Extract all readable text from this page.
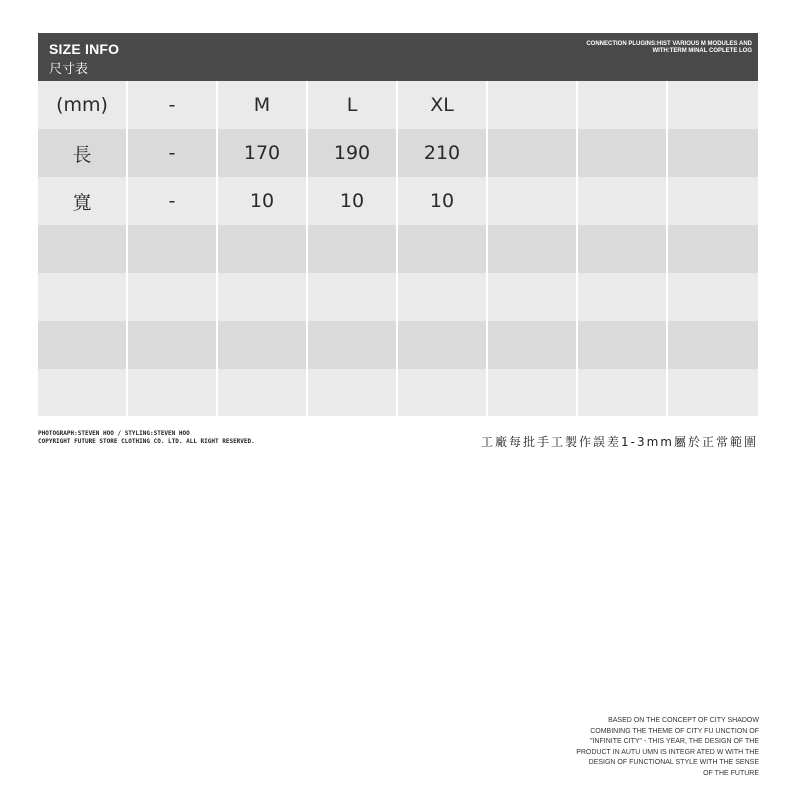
SIZE INFO
尺寸表
CONNECTION PLUGINS:HIST VARIOUS M MODULES AND
WITH:TERM MINAL COPLETE LOG
(mm)	-	M	L	XL
長	-	170	190	210
寬	-	10	10	10
PHOTOGRAPH:STEVEN HOO / STYLING:STEVEN HOO
COPYRIGHT FUTURE STORE CLOTHING CO. LTD. ALL RIGHT RESERVED.	工廠每批手工製作誤差1-3mm屬於正常範圍
BASED ON THE CONCEPT OF CITY SHADOW
COMBINING THE THEME OF CITY FU UNCTION OF
"INFINITE CITY" - THIS YEAR, THE DESIGN OF THE
PRODUCT IN AUTU UMN IS INTEGR ATED W WITH THE
DESIGN OF FUNCTIONAL STYLE WITH THE SENSE
OF THE FUTURE
